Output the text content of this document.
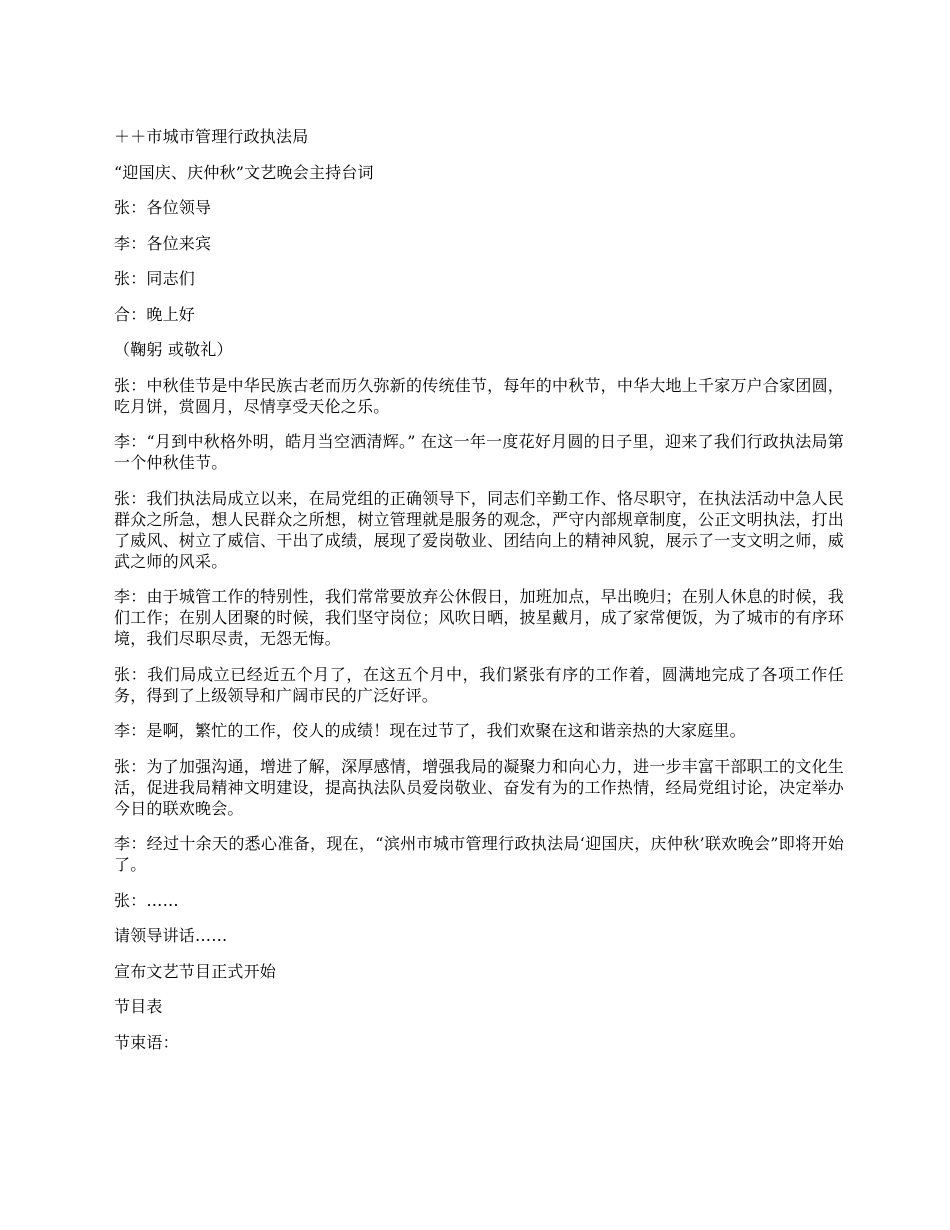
＋＋市城市管理行政执法局

“迎国庆、庆仲秋”文艺晚会主持台词

张：各位领导

李：各位来宾

张：同志们

合：晚上好

（鞠躬 或敬礼）

张：中秋佳节是中华民族古老而历久弥新的传统佳节，每年的中秋节，中华大地上千家万户合家团圆，吃月饼，赏圆月，尽情享受天伦之乐。

李：“月到中秋格外明，皓月当空洒清辉。” 在这一年一度花好月圆的日子里，迎来了我们行政执法局第一个仲秋佳节。

张：我们执法局成立以来，在局党组的正确领导下，同志们辛勤工作、恪尽职守，在执法活动中急人民群众之所急，想人民群众之所想，树立管理就是服务的观念，严守内部规章制度，公正文明执法，打出了威风、树立了威信、干出了成绩，展现了爱岗敬业、团结向上的精神风貌，展示了一支文明之师，威武之师的风采。

李：由于城管工作的特别性，我们常常要放弃公休假日，加班加点，早出晚归；在别人休息的时候，我们工作；在别人团聚的时候，我们坚守岗位；风吹日晒，披星戴月，成了家常便饭，为了城市的有序环境，我们尽职尽责，无怨无悔。

张：我们局成立已经近五个月了，在这五个月中，我们紧张有序的工作着，圆满地完成了各项工作任务，得到了上级领导和广阔市民的广泛好评。

李：是啊，繁忙的工作，佼人的成绩！现在过节了，我们欢聚在这和谐亲热的大家庭里。

张：为了加强沟通，增进了解，深厚感情，增强我局的凝聚力和向心力，进一步丰富干部职工的文化生活，促进我局精神文明建设，提高执法队员爱岗敬业、奋发有为的工作热情，经局党组讨论，决定举办今日的联欢晚会。

李：经过十余天的悉心准备，现在，“滨州市城市管理行政执法局‘迎国庆，庆仲秋’联欢晚会”即将开始了。

张：……

请领导讲话……

宣布文艺节目正式开始

节目表

节束语：
